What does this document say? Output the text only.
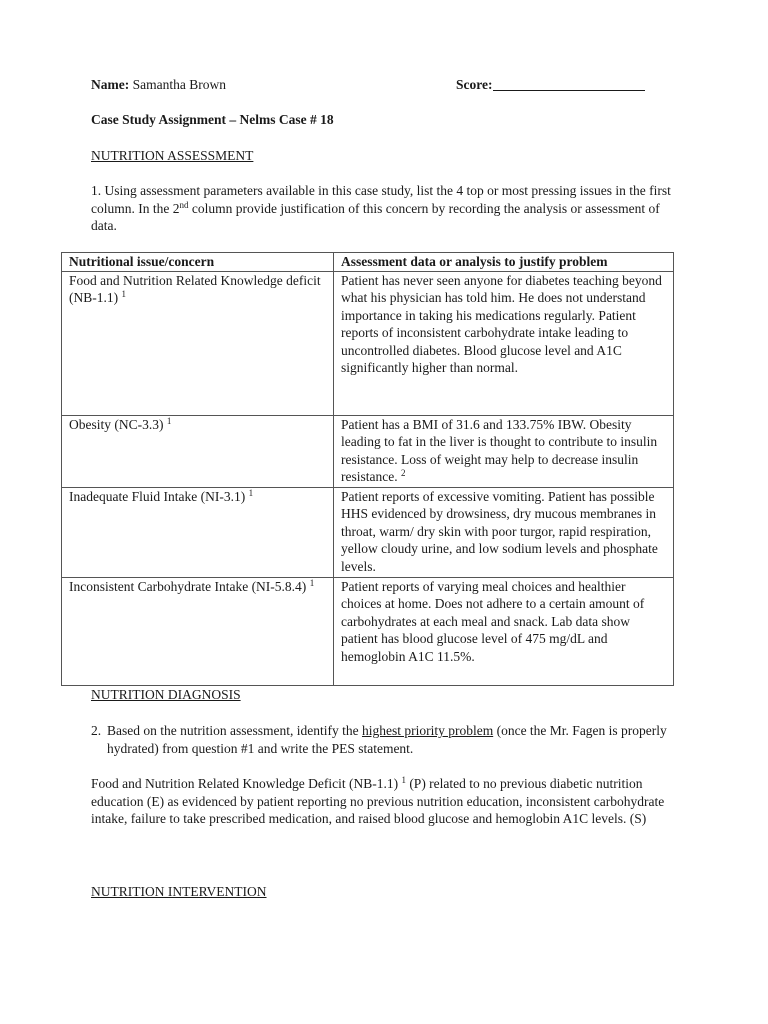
Name: Samantha Brown	Score:
Case Study Assignment – Nelms Case # 18
NUTRITION ASSESSMENT
1. Using assessment parameters available in this case study, list the 4 top or most pressing issues in the first column. In the 2nd column provide justification of this concern by recording the analysis or assessment of data.
Nutritional issue/concern	Assessment data or analysis to justify problem
Food and Nutrition Related Knowledge deficit (NB-1.1) $^1$	Patient has never seen anyone for diabetes teaching beyond what his physician has told him. He does not understand importance in taking his medications regularly. Patient reports of inconsistent carbohydrate intake leading to uncontrolled diabetes. Blood glucose level and A1C significantly higher than normal.
Obesity (NC-3.3) $^1$	Patient has a BMI of 31.6 and 133.75% IBW. Obesity leading to fat in the liver is thought to contribute to insulin resistance. Loss of weight may help to decrease insulin resistance. $^2$
Inadequate Fluid Intake (NI-3.1) $^1$	Patient reports of excessive vomiting. Patient has possible HHS evidenced by drowsiness, dry mucous membranes in throat, warm/ dry skin with poor turgor, rapid respiration, yellow cloudy urine, and low sodium levels and phosphate levels.
Inconsistent Carbohydrate Intake (NI-5.8.4) $^1$	Patient reports of varying meal choices and healthier choices at home. Does not adhere to a certain amount of carbohydrates at each meal and snack. Lab data show patient has blood glucose level of 475 mg/dL and hemoglobin A1C 11.5%.
NUTRITION DIAGNOSIS
2. Based on the nutrition assessment, identify the highest priority problem (once the Mr. Fagen is properly hydrated) from question #1 and write the PES statement.
Food and Nutrition Related Knowledge Deficit (NB-1.1) $^1$ (P) related to no previous diabetic nutrition education (E) as evidenced by patient reporting no previous nutrition education, inconsistent carbohydrate intake, failure to take prescribed medication, and raised blood glucose and hemoglobin A1C levels. (S)
NUTRITION INTERVENTION
